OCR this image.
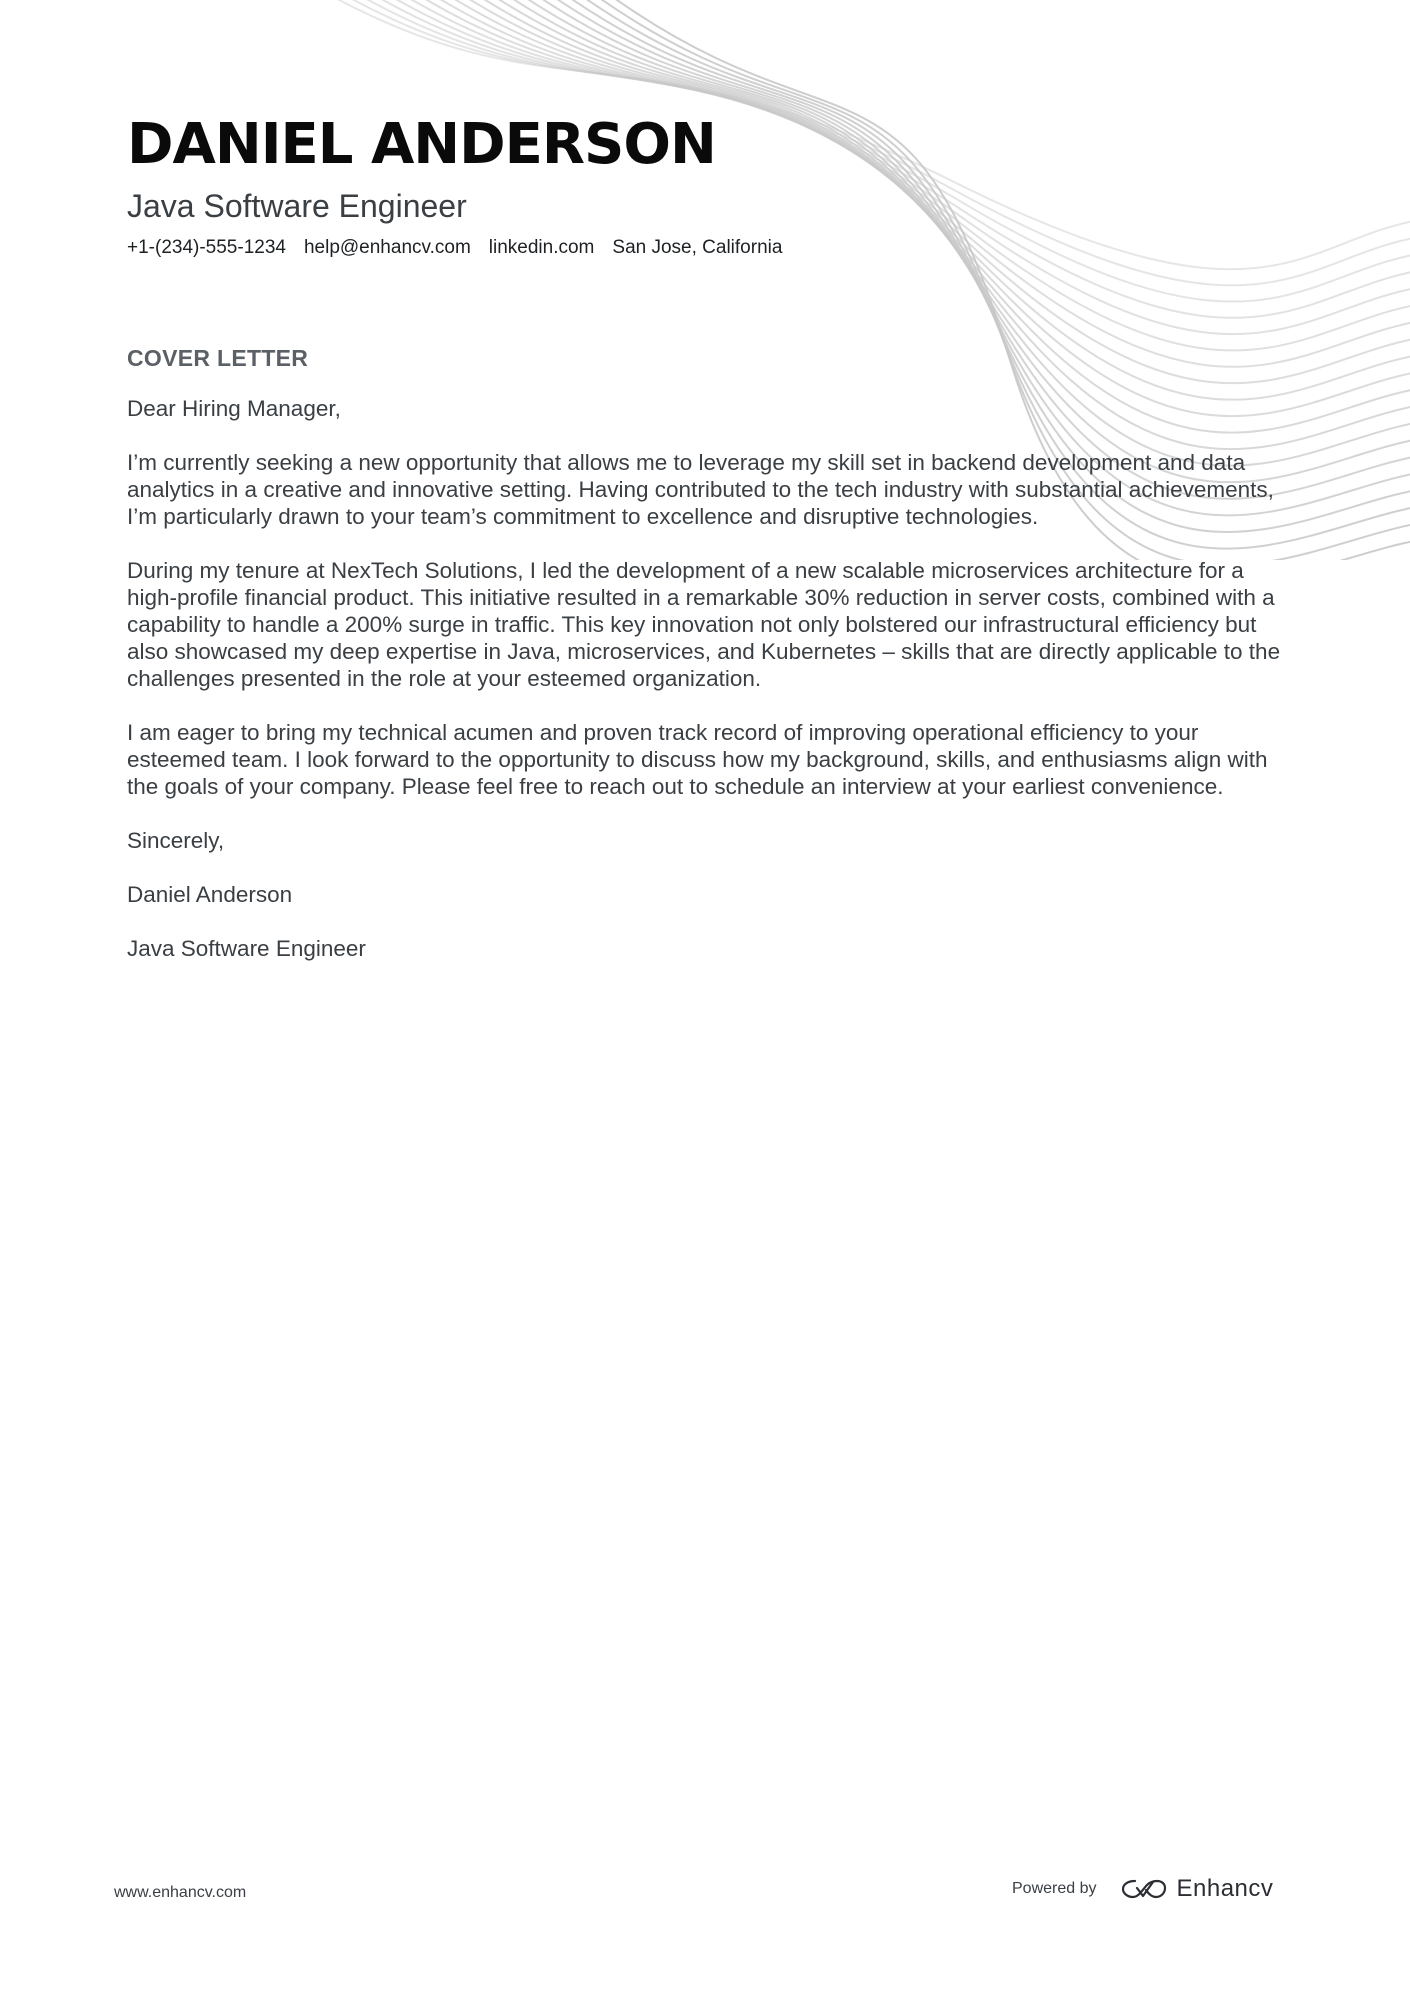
DANIEL ANDERSON
Java Software Engineer
+1-(234)-555-1234 help@enhancv.com linkedin.com San Jose, California
COVER LETTER

Dear Hiring Manager,

I’m currently seeking a new opportunity that allows me to leverage my skill set in backend development and data analytics in a creative and innovative setting. Having contributed to the tech industry with substantial achievements, I’m particularly drawn to your team’s commitment to excellence and disruptive technologies.

During my tenure at NexTech Solutions, I led the development of a new scalable microservices architecture for a high-profile financial product. This initiative resulted in a remarkable 30% reduction in server costs, combined with a capability to handle a 200% surge in traffic. This key innovation not only bolstered our infrastructural efficiency but also showcased my deep expertise in Java, microservices, and Kubernetes – skills that are directly applicable to the challenges presented in the role at your esteemed organization.

I am eager to bring my technical acumen and proven track record of improving operational efficiency to your esteemed team. I look forward to the opportunity to discuss how my background, skills, and enthusiasms align with the goals of your company. Please feel free to reach out to schedule an interview at your earliest convenience.

Sincerely,

Daniel Anderson

Java Software Engineer

www.enhancv.com	Powered by	Enhancv
